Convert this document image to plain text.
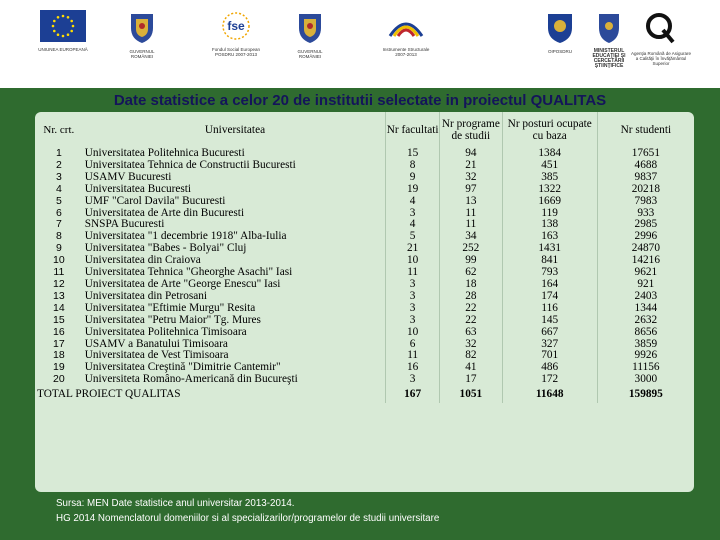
UNIUNEA EUROPEANĂ	GUVERNUL ROMÂNIEI
fse
Fondul Social European POSDRU 2007-2013
GUVERNUL ROMÂNIEI
Instrumente Structurale 2007-2013
OIPOSDRU	MINISTERUL EDUCAŢIEI ŞI CERCETĂRII ŞTIINŢIFICE
Agenţia Română de Asigurare a Calităţii în Învăţământul Superior
Date statistice a celor 20 de institutii selectate in proiectul QUALITAS
Nr. crt.	Universitatea	Nr facultati	Nr programe de studii	Nr posturi ocupate cu baza	Nr studenti
1	Universitatea Politehnica Bucuresti	15	94	1384	17651
2	Universitatea Tehnica de Constructii Bucuresti	8	21	451	4688
3	USAMV Bucuresti	9	32	385	9837
4	Universitatea Bucuresti	19	97	1322	20218
5	UMF "Carol Davila" Bucuresti	4	13	1669	7983
6	Universitatea de Arte din Bucuresti	3	11	119	933
7	SNSPA Bucuresti	4	11	138	2985
8	Universitatea "1 decembrie 1918" Alba-Iulia	5	34	163	2996
9	Universitatea "Babes - Bolyai" Cluj	21	252	1431	24870
10	Universitatea din Craiova	10	99	841	14216
11	Universitatea Tehnica "Gheorghe Asachi" Iasi	11	62	793	9621
12	Universitatea de Arte "George Enescu" Iasi	3	18	164	921
13	Universitatea din Petrosani	3	28	174	2403
14	Universitatea "Eftimie Murgu" Resita	3	22	116	1344
15	Universitatea "Petru Maior" Tg. Mures	3	22	145	2632
16	Universitatea Politehnica Timisoara	10	63	667	8656
17	USAMV a Banatului Timisoara	6	32	327	3859
18	Universitatea de Vest Timisoara	11	82	701	9926
19	Universitatea Creştină "Dimitrie Cantemir"	16	41	486	11156
20	Universiteta Româno-Americană din Bucureşti	3	17	172	3000
TOTAL PROIECT QUALITAS		167	1051	11648	159895
Sursa: MEN Date statistice anul universitar 2013-2014.
HG 2014 Nomenclatorul domeniilor si al specializarilor/programelor de studii universitare
